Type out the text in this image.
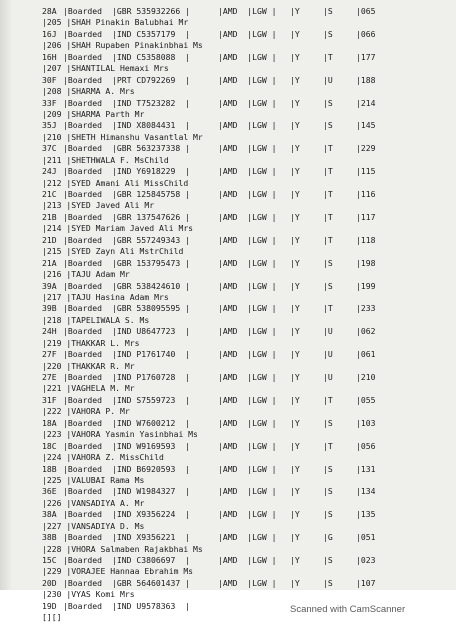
28A |Boarded |GBR 535932266 |	|AMD  |LGW | |Y	|S	|065
|205 |SHAH Pinakin Balubhai Mr
16J |Boarded |IND C5357179  |	|AMD  |LGW | |Y	|S	|066
|206 |SHAH Rupaben Pinakinbhai Ms
16H |Boarded |IND C5358088  |	|AMD  |LGW | |Y	|T	|177
|207 |SHANTILAL Hemaxi Mrs
30F |Boarded |PRT CD792269  |	|AMD  |LGW | |Y	|U	|188
|208 |SHARMA A. Mrs
33F |Boarded |IND T7523282  |	|AMD  |LGW | |Y	|S	|214
|209 |SHARMA Parth Mr
35J |Boarded |IND X8084431  |	|AMD  |LGW | |Y	|S	|145
|210 |SHETH Himanshu Vasantlal Mr
37C |Boarded |GBR 563237338 |	|AMD  |LGW | |Y	|T	|229
|211 |SHETHWALA F. MsChild
24J |Boarded |IND Y6918229  |	|AMD  |LGW | |Y	|T	|115
|212 |SYED Amani Ali MissChild
21C |Boarded |GBR 125845758 |	|AMD  |LGW | |Y	|T	|116
|213 |SYED Javed Ali Mr
21B |Boarded |GBR 137547626 |	|AMD  |LGW | |Y	|T	|117
|214 |SYED Mariam Javed Ali Mrs
21D |Boarded |GBR 557249343 |	|AMD  |LGW | |Y	|T	|118
|215 |SYED Zayn Ali MstrChild
21A |Boarded |GBR 153795473 |	|AMD  |LGW | |Y	|S	|198
|216 |TAJU Adam Mr
39A |Boarded |GBR 538424610 |	|AMD  |LGW | |Y	|S	|199
|217 |TAJU Hasina Adam Mrs
39B |Boarded |GBR 538095595 |	|AMD  |LGW | |Y	|T	|233
|218 |TAPELIWALA S. Ms
24H |Boarded |IND U8647723  |	|AMD  |LGW | |Y	|U	|062
|219 |THAKKAR L. Mrs
27F |Boarded |IND P1761740  |	|AMD  |LGW | |Y	|U	|061
|220 |THAKKAR R. Mr
27E |Boarded |IND P1760728  |	|AMD  |LGW | |Y	|U	|210
|221 |VAGHELA M. Mr
31F |Boarded |IND S7559723  |	|AMD  |LGW | |Y	|T	|055
|222 |VAHORA P. Mr
18A |Boarded |IND W7600212  |	|AMD  |LGW | |Y	|S	|103
|223 |VAHORA Yasmin Yasinbhai Ms
18C |Boarded |IND W9169593  |	|AMD  |LGW | |Y	|T	|056
|224 |VAHORA Z. MissChild
18B |Boarded |IND B6920593  |	|AMD  |LGW | |Y	|S	|131
|225 |VALUBAI Rama Ms
36E |Boarded |IND W1984327  |	|AMD  |LGW | |Y	|S	|134
|226 |VANSADIYA A. Mr
38A |Boarded |IND X9356224  |	|AMD  |LGW | |Y	|S	|135
|227 |VANSADIYA D. Ms
38B |Boarded |IND X9356221  |	|AMD  |LGW | |Y	|G	|051
|228 |VHORA Salmaben Rajakbhai Ms
15C |Boarded |IND C3806697  |	|AMD  |LGW | |Y	|S	|023
|229 |VORAJEE Hannaa Ebrahim Ms
20D |Boarded |GBR 564601437 |	|AMD  |LGW | |Y	|S	|107
|230 |VYAS Komi Mrs
19D |Boarded |IND U9578363  |
[][]
Scanned with CamScanner
